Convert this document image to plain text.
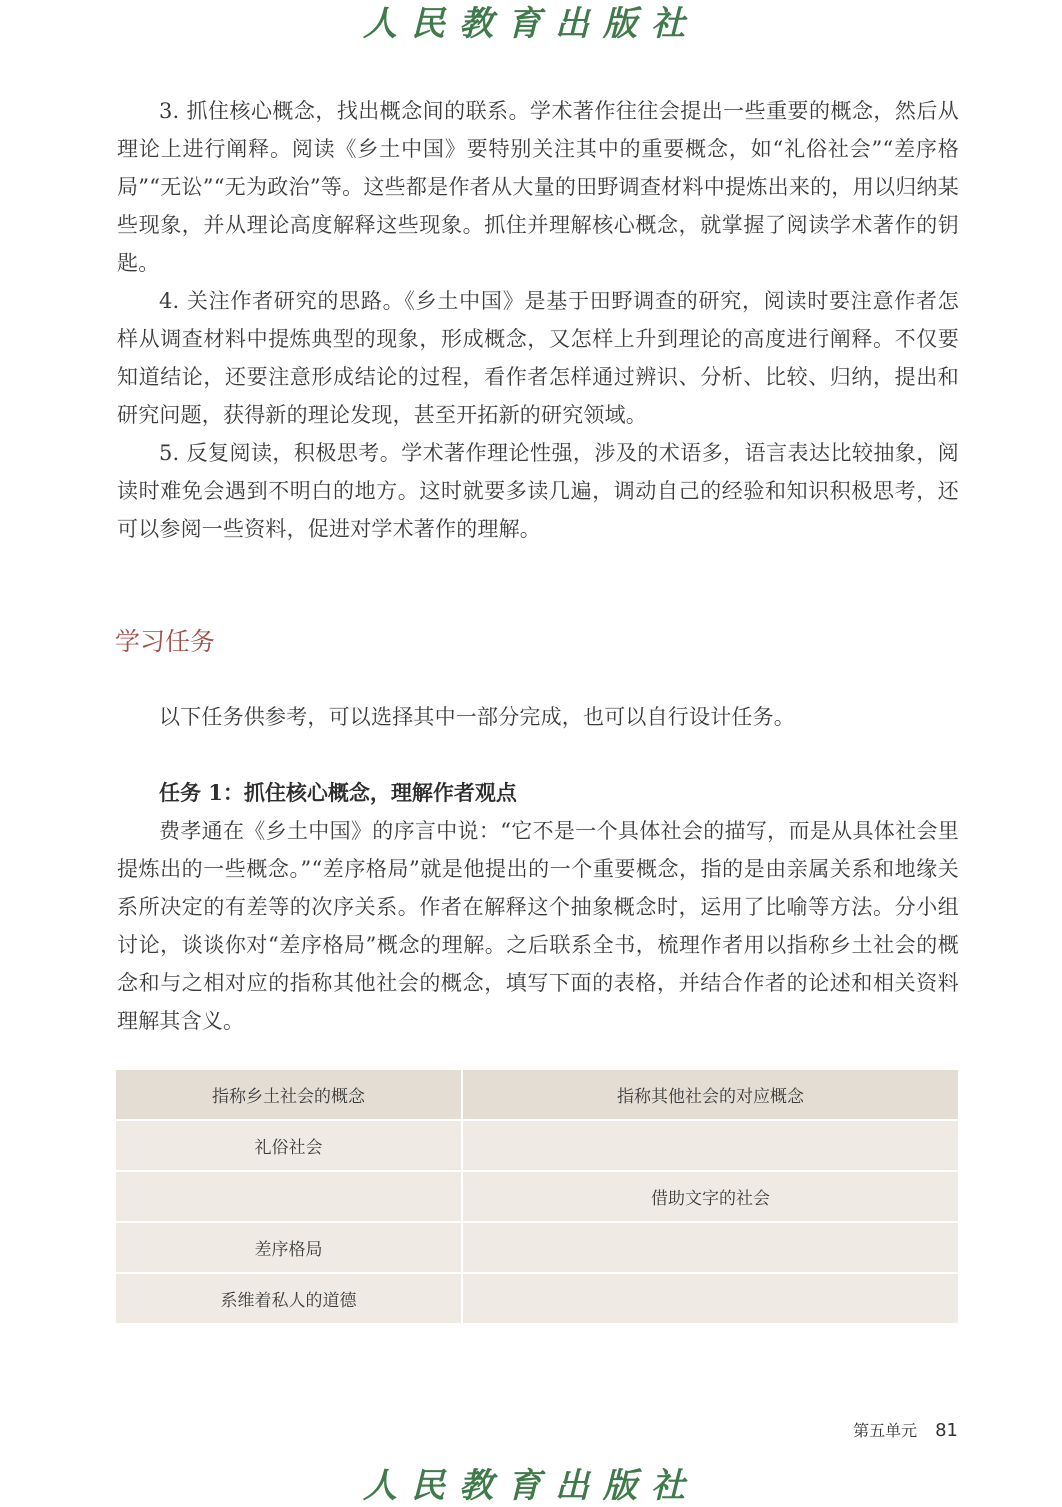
人民教育出版社

3. 抓住核心概念，找出概念间的联系。学术著作往往会提出一些重要的概念，然后从理论上进行阐释。阅读《乡土中国》要特别关注其中的重要概念，如“礼俗社会”“差序格局”“无讼”“无为政治”等。这些都是作者从大量的田野调查材料中提炼出来的，用以归纳某些现象，并从理论高度解释这些现象。抓住并理解核心概念，就掌握了阅读学术著作的钥匙。

4. 关注作者研究的思路。《乡土中国》是基于田野调查的研究，阅读时要注意作者怎样从调查材料中提炼典型的现象，形成概念，又怎样上升到理论的高度进行阐释。不仅要知道结论，还要注意形成结论的过程，看作者怎样通过辨识、分析、比较、归纳，提出和研究问题，获得新的理论发现，甚至开拓新的研究领域。

5. 反复阅读，积极思考。学术著作理论性强，涉及的术语多，语言表达比较抽象，阅读时难免会遇到不明白的地方。这时就要多读几遍，调动自己的经验和知识积极思考，还可以参阅一些资料，促进对学术著作的理解。

学习任务

以下任务供参考，可以选择其中一部分完成，也可以自行设计任务。

任务 1：抓住核心概念，理解作者观点

费孝通在《乡土中国》的序言中说：“它不是一个具体社会的描写，而是从具体社会里提炼出的一些概念。”“差序格局”就是他提出的一个重要概念，指的是由亲属关系和地缘关系所决定的有差等的次序关系。作者在解释这个抽象概念时，运用了比喻等方法。分小组讨论，谈谈你对“差序格局”概念的理解。之后联系全书，梳理作者用以指称乡土社会的概念和与之相对应的指称其他社会的概念，填写下面的表格，并结合作者的论述和相关资料理解其含义。

指称乡土社会的概念	指称其他社会的对应概念
礼俗社会	
	借助文字的社会
差序格局	
系维着私人的道德	
第五单元 81
人民教育出版社
